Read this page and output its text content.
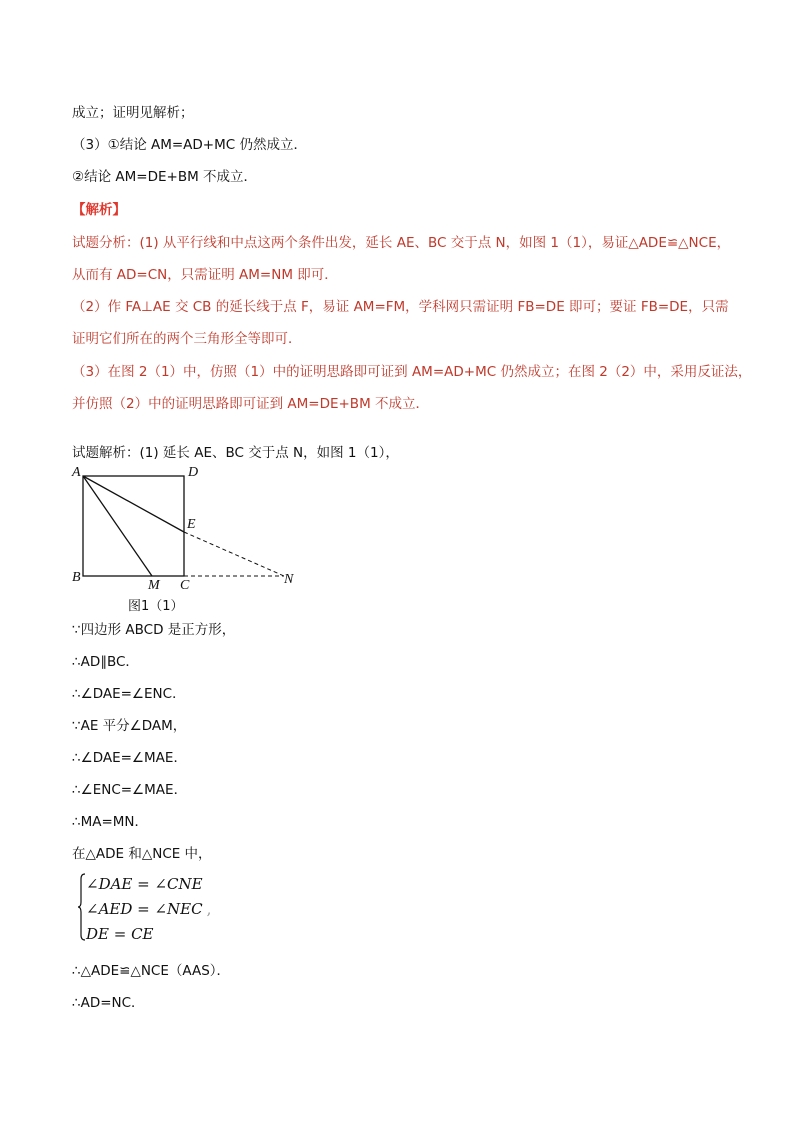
成立；证明见解析；
（3）①结论 AM=AD+MC 仍然成立．
②结论 AM=DE+BM 不成立．
【解析】
试题分析：(1) 从平行线和中点这两个条件出发，延长 AE、BC 交于点 N，如图 1（1），易证△ADE≌△NCE，
从而有 AD=CN，只需证明 AM=NM 即可．
（2）作 FA⊥AE 交 CB 的延长线于点 F，易证 AM=FM，学科网只需证明 FB=DE 即可；要证 FB=DE，只需
证明它们所在的两个三角形全等即可．
（3）在图 2（1）中，仿照（1）中的证明思路即可证到 AM=AD+MC 仍然成立；在图 2（2）中，采用反证法，
并仿照（2）中的证明思路即可证到 AM=DE+BM 不成立．
试题解析：(1) 延长 AE、BC 交于点 N，如图 1（1），
A	D
E
B
M C	N
图1（1）
∵四边形 ABCD 是正方形，
∴AD∥BC．
∴∠DAE=∠ENC．
∵AE 平分∠DAM，
∴∠DAE=∠MAE．
∴∠ENC=∠MAE．
∴MA=MN．
在△ADE 和△NCE 中，
∠DAE = ∠CNE
∠AED = ∠NEC ,
DE = CE
∴△ADE≌△NCE（AAS）．
∴AD=NC．
